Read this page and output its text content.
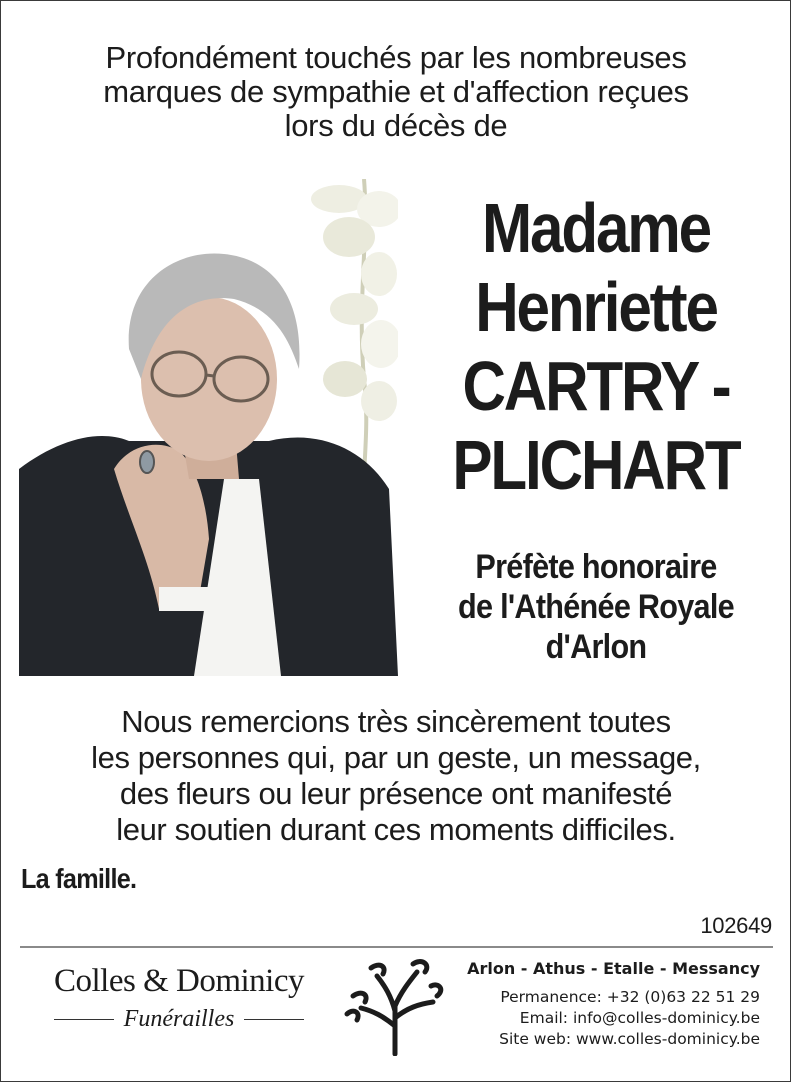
Profondément touchés par les nombreuses
marques de sympathie et d'affection reçues
lors du décès de
Madame
Henriette
CARTRY -
PLICHART
Préfète honoraire
de l'Athénée Royale
d'Arlon
Nous remercions très sincèrement toutes
les personnes qui, par un geste, un message,
des fleurs ou leur présence ont manifesté
leur soutien durant ces moments difficiles.
La famille.
102649
Colles & Dominicy
Funérailles
Arlon - Athus - Etalle - Messancy
Permanence: +32 (0)63 22 51 29
Email: info@colles-dominicy.be
Site web: www.colles-dominicy.be
